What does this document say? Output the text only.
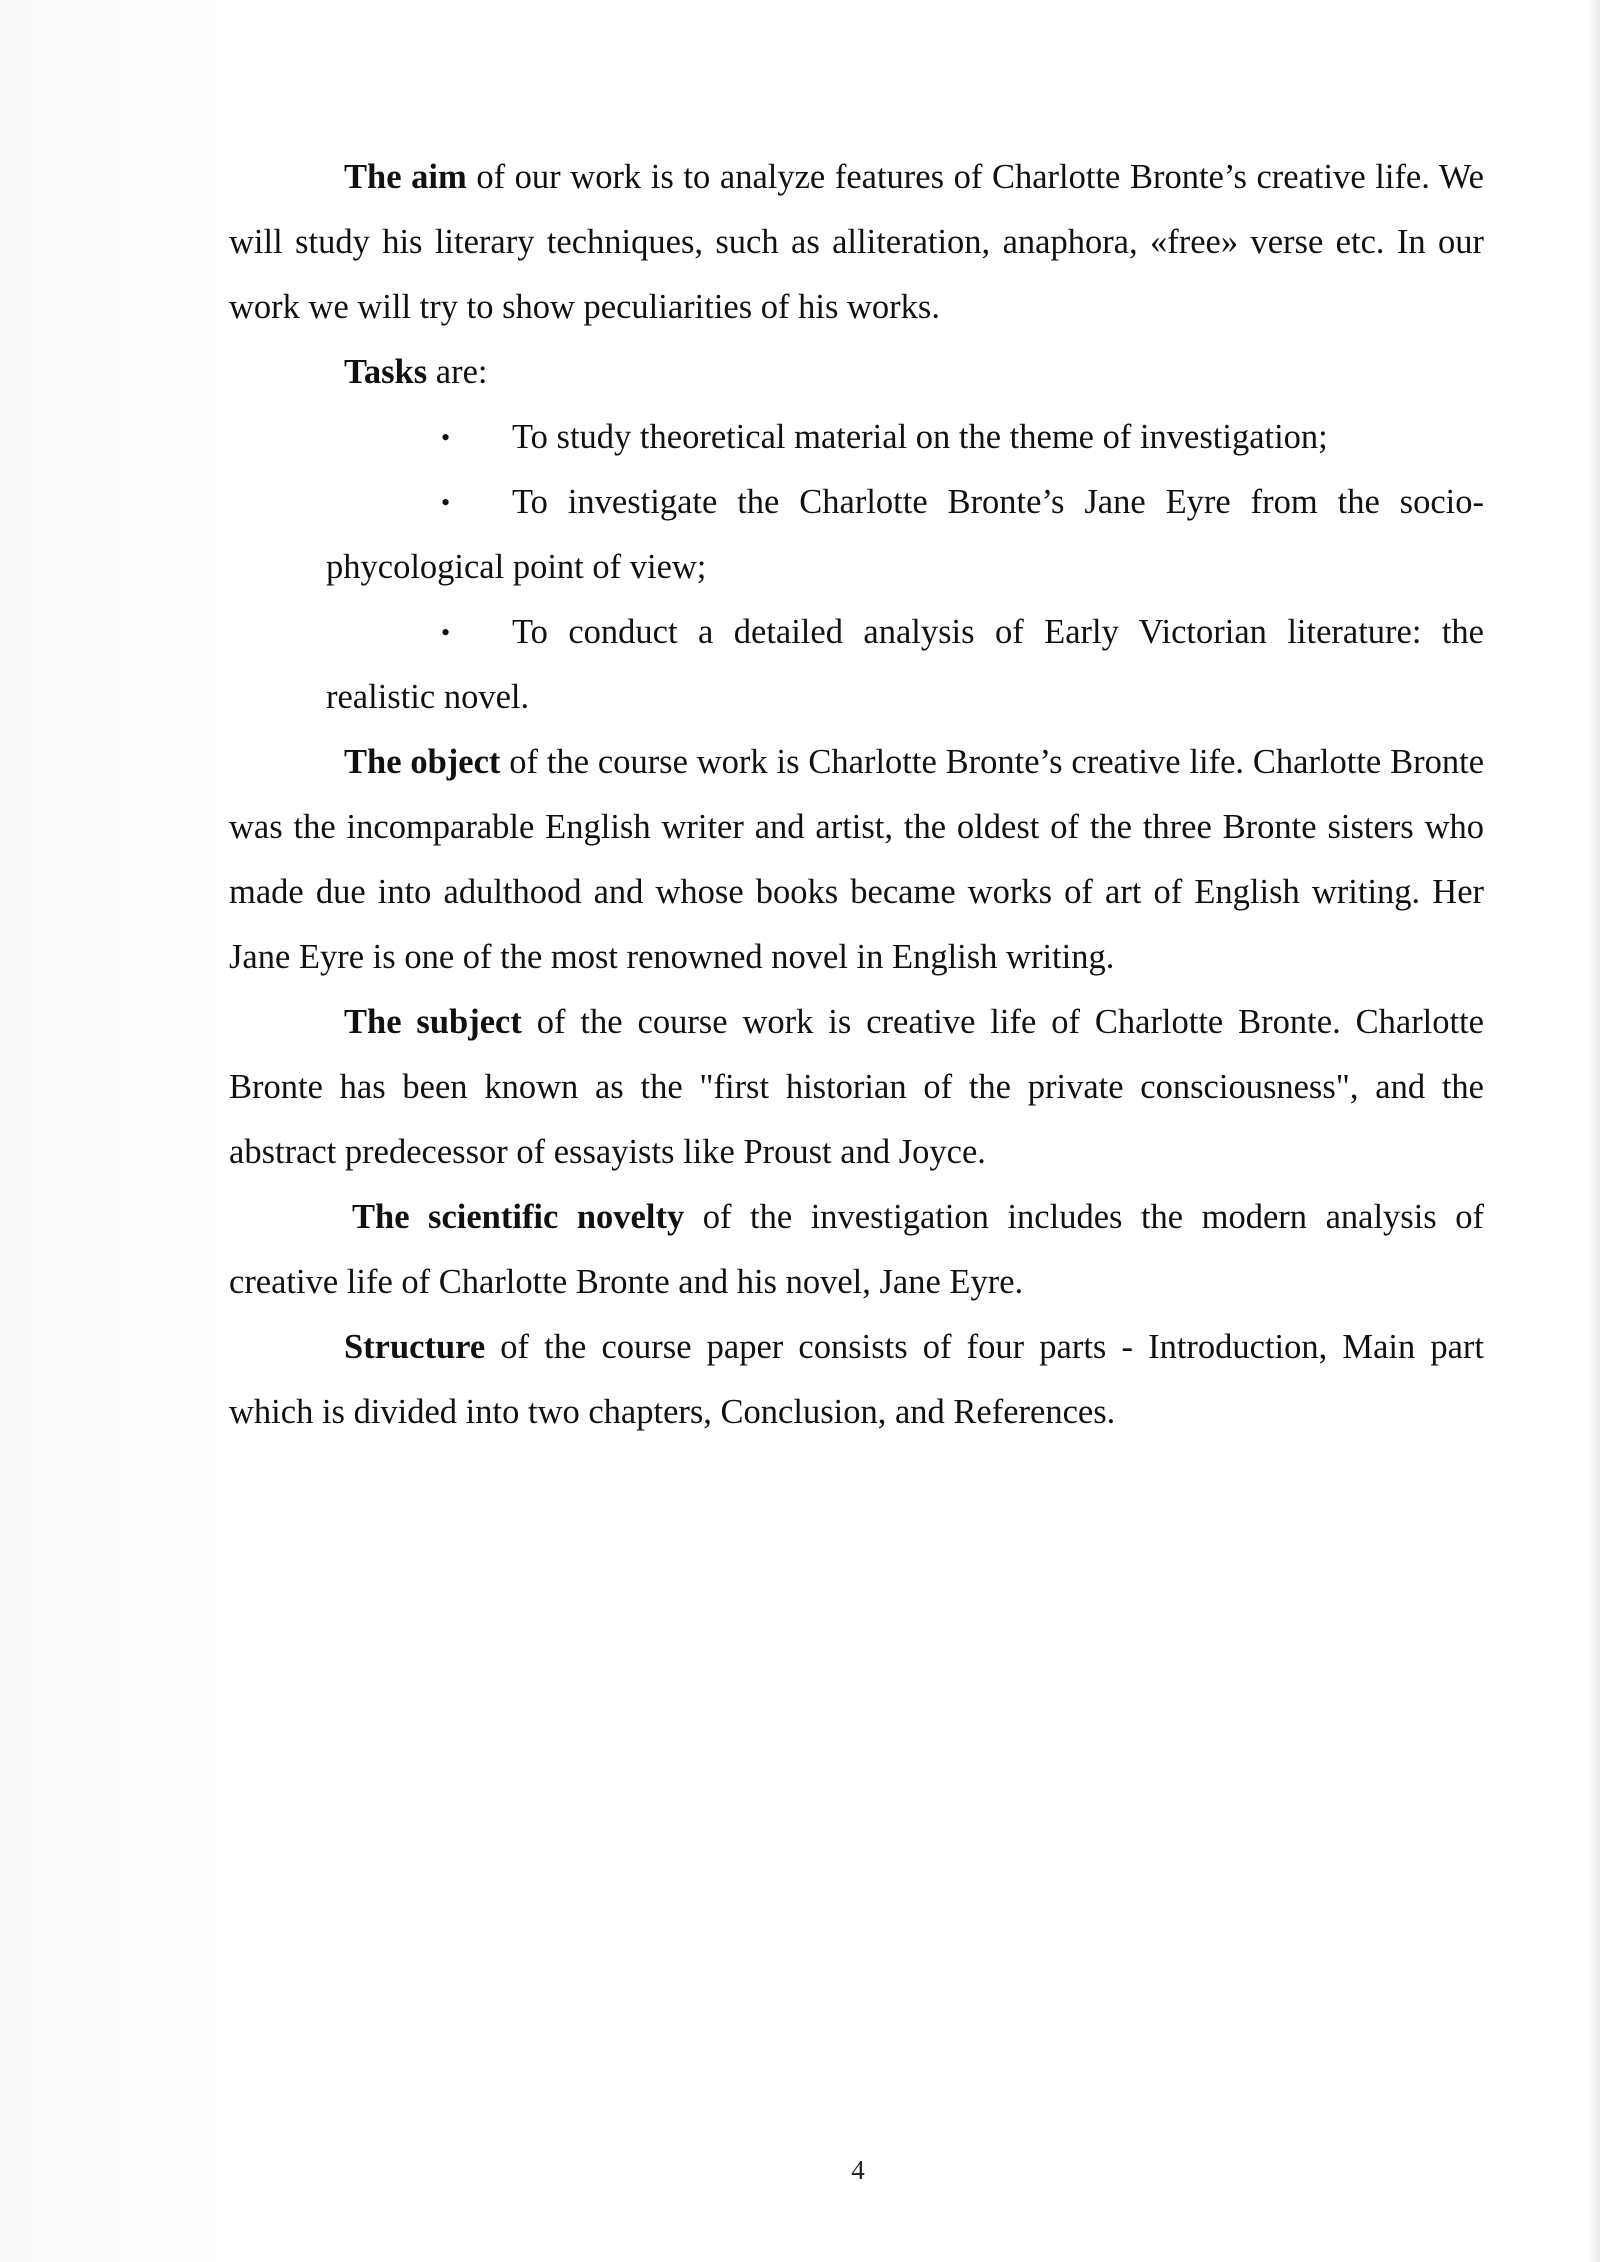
The aim of our work is to analyze features of Charlotte Bronte’s creative life. We will study his literary techniques, such as alliteration, anaphora, «free» verse etc. In our work we will try to show peculiarities of his works.

Tasks are:

• To study theoretical material on the theme of investigation;

• To investigate the Charlotte Bronte’s Jane Eyre from the socio-phycological point of view;

• To conduct a detailed analysis of Early Victorian literature: the realistic novel.

The object of the course work is Charlotte Bronte’s creative life. Charlotte Bronte was the incomparable English writer and artist, the oldest of the three Bronte sisters who made due into adulthood and whose books became works of art of English writing. Her Jane Eyre is one of the most renowned novel in English writing.

The subject of the course work is creative life of Charlotte Bronte. Charlotte Bronte has been known as the "first historian of the private consciousness", and the abstract predecessor of essayists like Proust and Joyce.

The scientific novelty of the investigation includes the modern analysis of creative life of Charlotte Bronte and his novel, Jane Eyre.

Structure of the course paper consists of four parts - Introduction, Main part which is divided into two chapters, Conclusion, and References.

4
